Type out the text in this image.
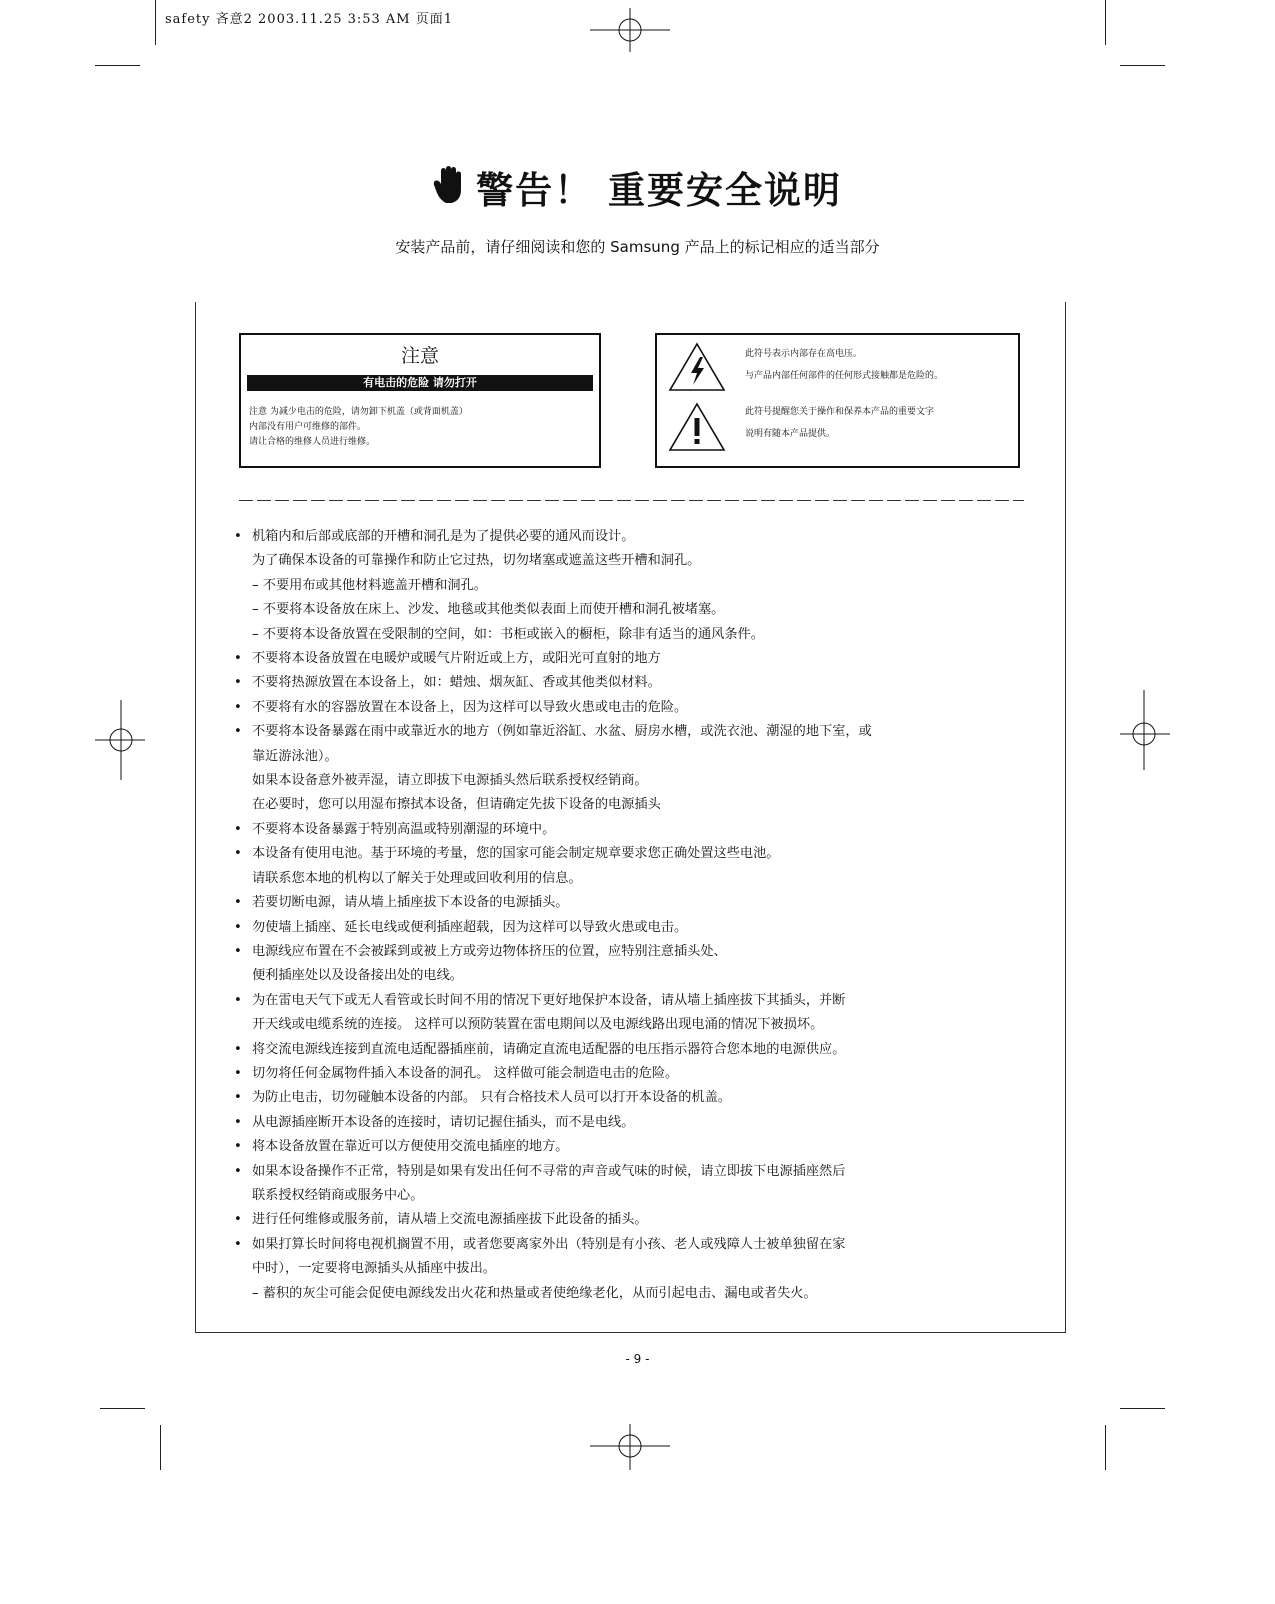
safety 吝意2 2003.11.25 3:53 AM 页面1
警告！ 重要安全说明
安装产品前，请仔细阅读和您的 Samsung 产品上的标记相应的适当部分
注意
有电击的危险 请勿打开
注意 为减少电击的危险，请勿卸下机盖（或背面机盖）
内部没有用户可维修的部件。
请让合格的维修人员进行维修。
此符号表示内部存在高电压。
与产品内部任何部件的任何形式接触都是危险的。
此符号提醒您关于操作和保养本产品的重要文字
说明有随本产品提供。
• 机箱内和后部或底部的开槽和洞孔是为了提供必要的通风而设计。
为了确保本设备的可靠操作和防止它过热，切勿堵塞或遮盖这些开槽和洞孔。
– 不要用布或其他材料遮盖开槽和洞孔。
– 不要将本设备放在床上、沙发、地毯或其他类似表面上而使开槽和洞孔被堵塞。
– 不要将本设备放置在受限制的空间，如：书柜或嵌入的橱柜，除非有适当的通风条件。
• 不要将本设备放置在电暖炉或暖气片附近或上方，或阳光可直射的地方
• 不要将热源放置在本设备上，如：蜡烛、烟灰缸、香或其他类似材料。
• 不要将有水的容器放置在本设备上，因为这样可以导致火患或电击的危险。
• 不要将本设备暴露在雨中或靠近水的地方（例如靠近浴缸、水盆、厨房水槽，或洗衣池、潮湿的地下室，或
靠近游泳池）。
如果本设备意外被弄湿，请立即拔下电源插头然后联系授权经销商。
在必要时，您可以用湿布擦拭本设备，但请确定先拔下设备的电源插头
• 不要将本设备暴露于特别高温或特别潮湿的环境中。
• 本设备有使用电池。基于环境的考量，您的国家可能会制定规章要求您正确处置这些电池。
请联系您本地的机构以了解关于处理或回收利用的信息。
• 若要切断电源，请从墙上插座拔下本设备的电源插头。
• 勿使墙上插座、延长电线或便利插座超载，因为这样可以导致火患或电击。
• 电源线应布置在不会被踩到或被上方或旁边物体挤压的位置，应特别注意插头处、
便利插座处以及设备接出处的电线。
• 为在雷电天气下或无人看管或长时间不用的情况下更好地保护本设备，请从墙上插座拔下其插头，并断
开天线或电缆系统的连接。 这样可以预防装置在雷电期间以及电源线路出现电涌的情况下被损坏。
• 将交流电源线连接到直流电适配器插座前，请确定直流电适配器的电压指示器符合您本地的电源供应。
• 切勿将任何金属物件插入本设备的洞孔。 这样做可能会制造电击的危险。
• 为防止电击，切勿碰触本设备的内部。 只有合格技术人员可以打开本设备的机盖。
• 从电源插座断开本设备的连接时，请切记握住插头，而不是电线。
• 将本设备放置在靠近可以方便使用交流电插座的地方。
• 如果本设备操作不正常，特别是如果有发出任何不寻常的声音或气味的时候，请立即拔下电源插座然后
联系授权经销商或服务中心。
• 进行任何维修或服务前，请从墙上交流电源插座拔下此设备的插头。
• 如果打算长时间将电视机搁置不用，或者您要离家外出（特别是有小孩、老人或残障人士被单独留在家
中时），一定要将电源插头从插座中拔出。
– 蓄积的灰尘可能会促使电源线发出火花和热量或者使绝缘老化，从而引起电击、漏电或者失火。
- 9 -
